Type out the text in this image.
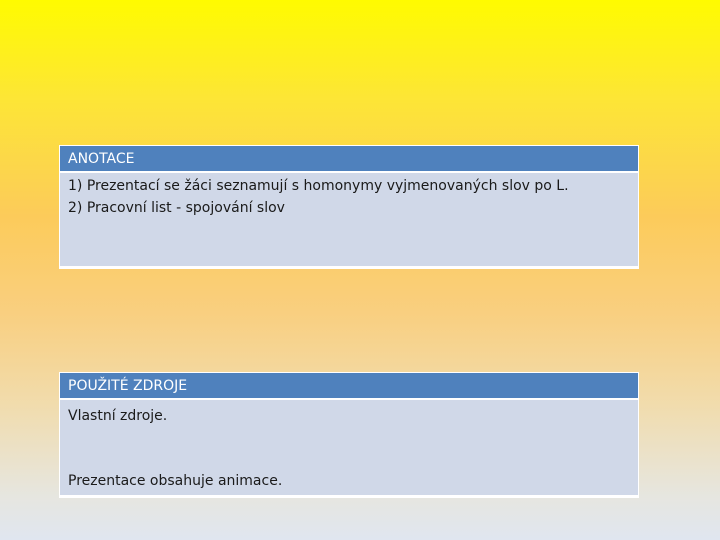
ANOTACE
1) Prezentací se žáci seznamují s homonymy vyjmenovaných slov po L.
2) Pracovní list - spojování slov
POUŽITÉ ZDROJE
Vlastní zdroje.
Prezentace obsahuje animace.
